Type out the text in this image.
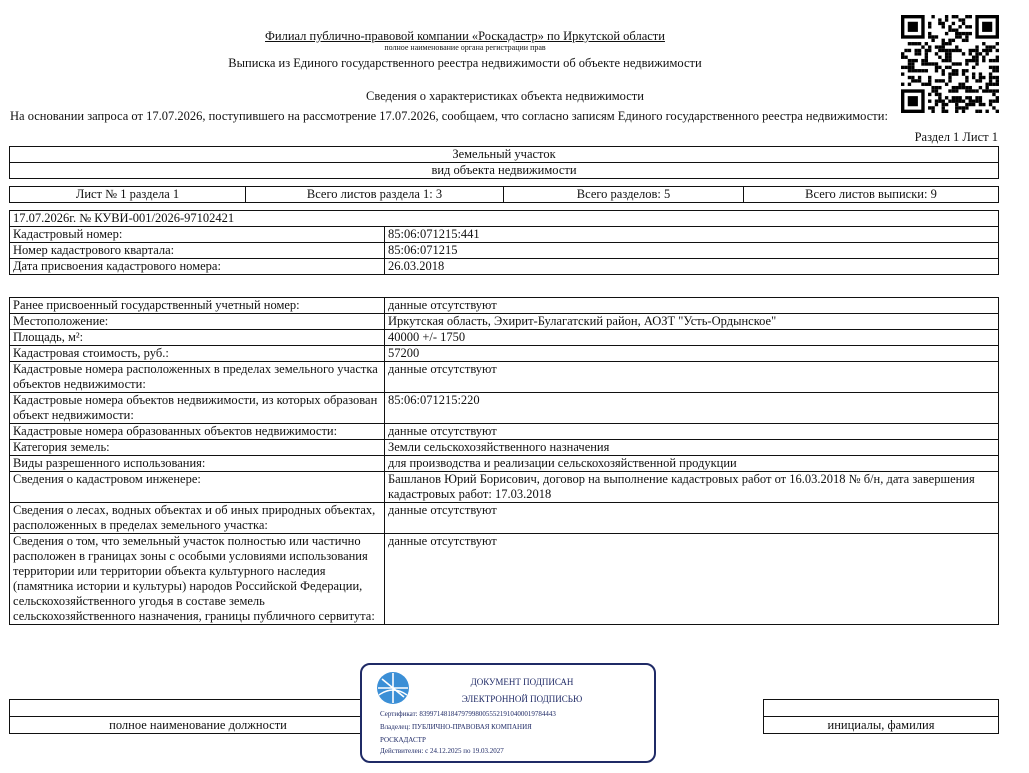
Филиал публично-правовой компании «Роскадастр» по Иркутской области
полное наименование органа регистрации прав
Выписка из Единого государственного реестра недвижимости об объекте недвижимости
Сведения о характеристиках объекта недвижимости
На основании запроса от 17.07.2026, поступившего на рассмотрение 17.07.2026, сообщаем, что согласно записям Единого государственного реестра недвижимости:
Раздел 1 Лист 1
Земельный участок
вид объекта недвижимости
Лист № 1 раздела 1	Всего листов раздела 1: 3	Всего разделов: 5	Всего листов выписки: 9
17.07.2026г. № КУВИ-001/2026-97102421	
Кадастровый номер:	85:06:071215:441
Номер кадастрового квартала:	85:06:071215
Дата присвоения кадастрового номера:	26.03.2018
Ранее присвоенный государственный учетный номер:	данные отсутствуют
Местоположение:	Иркутская область, Эхирит-Булагатский район, АОЗТ "Усть-Ордынское"
Площадь, м²:	40000 +/- 1750
Кадастровая стоимость, руб.:	57200
Кадастровые номера расположенных в пределах земельного участка объектов недвижимости:	данные отсутствуют
Кадастровые номера объектов недвижимости, из которых образован объект недвижимости:	85:06:071215:220
Кадастровые номера образованных объектов недвижимости:	данные отсутствуют
Категория земель:	Земли сельскохозяйственного назначения
Виды разрешенного использования:	для производства и реализации сельскохозяйственной продукции
Сведения о кадастровом инженере:	Башланов Юрий Борисович, договор на выполнение кадастровых работ от 16.03.2018 № б/н, дата завершения кадастровых работ: 17.03.2018
Сведения о лесах, водных объектах и об иных природных объектах, расположенных в пределах земельного участка:	данные отсутствуют
Сведения о том, что земельный участок полностью или частично расположен в границах зоны с особыми условиями использования территории или территории объекта культурного наследия (памятника истории и культуры) народов Российской Федерации, сельскохозяйственного угодья в составе земель сельскохозяйственного назначения, границы публичного сервитута:	данные отсутствуют

полное наименование должности		инициалы, фамилия
ДОКУМЕНТ ПОДПИСАН
ЭЛЕКТРОННОЙ ПОДПИСЬЮ
Сертификат: 839971481847979980055521910400019784443
Владелец: ПУБЛИЧНО-ПРАВОВАЯ КОМПАНИЯ
РОСКАДАСТР
Действителен: с 24.12.2025 по 19.03.2027
